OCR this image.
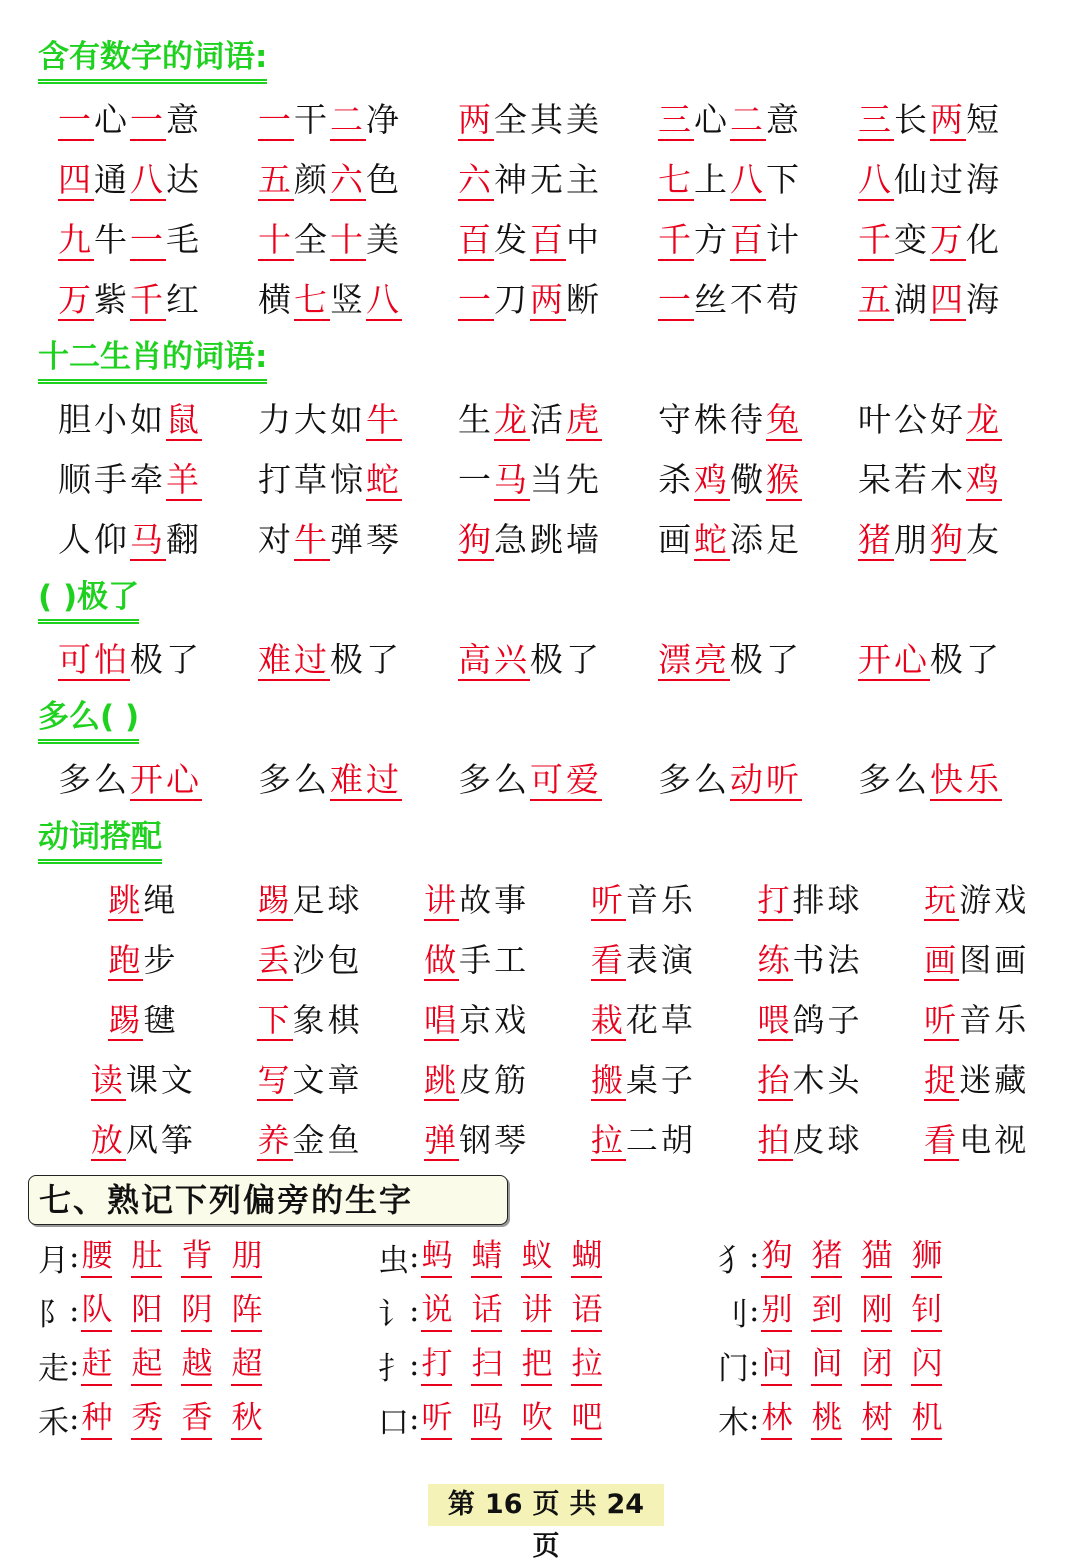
含有数字的词语:
一心一意	一干二净	两全其美	三心二意	三长两短
四通八达	五颜六色	六神无主	七上八下	八仙过海
九牛一毛	十全十美	百发百中	千方百计	千变万化
万紫千红	横七竖八	一刀两断	一丝不苟	五湖四海
十二生肖的词语:
胆小如鼠	力大如牛	生龙活虎	守株待兔	叶公好龙
顺手牵羊	打草惊蛇	一马当先	杀鸡儆猴	呆若木鸡
人仰马翻	对牛弹琴	狗急跳墙	画蛇添足	猪朋狗友
( )极了
可怕极了	难过极了	高兴极了	漂亮极了	开心极了
多么( )
多么开心	多么难过	多么可爱	多么动听	多么快乐
动词搭配
跳绳	踢足球	讲故事	听音乐	打排球	玩游戏
跑步	丢沙包	做手工	看表演	练书法	画图画
踢毽	下象棋	唱京戏	栽花草	喂鸽子	听音乐
读课文	写文章	跳皮筋	搬桌子	抬木头	捉迷藏
放风筝	养金鱼	弹钢琴	拉二胡	拍皮球	看电视
七、熟记下列偏旁的生字
月 : 腰 肚 背 朋	虫 : 蚂 蜻 蚁 蝴	犭 : 狗 猪 猫 狮
阝 : 队 阳 阴 阵	讠 : 说 话 讲 语	刂 : 别 到 刚 钊
走 : 赶 起 越 超	扌 : 打 扫 把 拉	门 : 问 间 闭 闪
禾 : 种 秀 香 秋	口 : 听 吗 吹 吧	木 : 林 桃 树 机
第 16 页 共 24页
